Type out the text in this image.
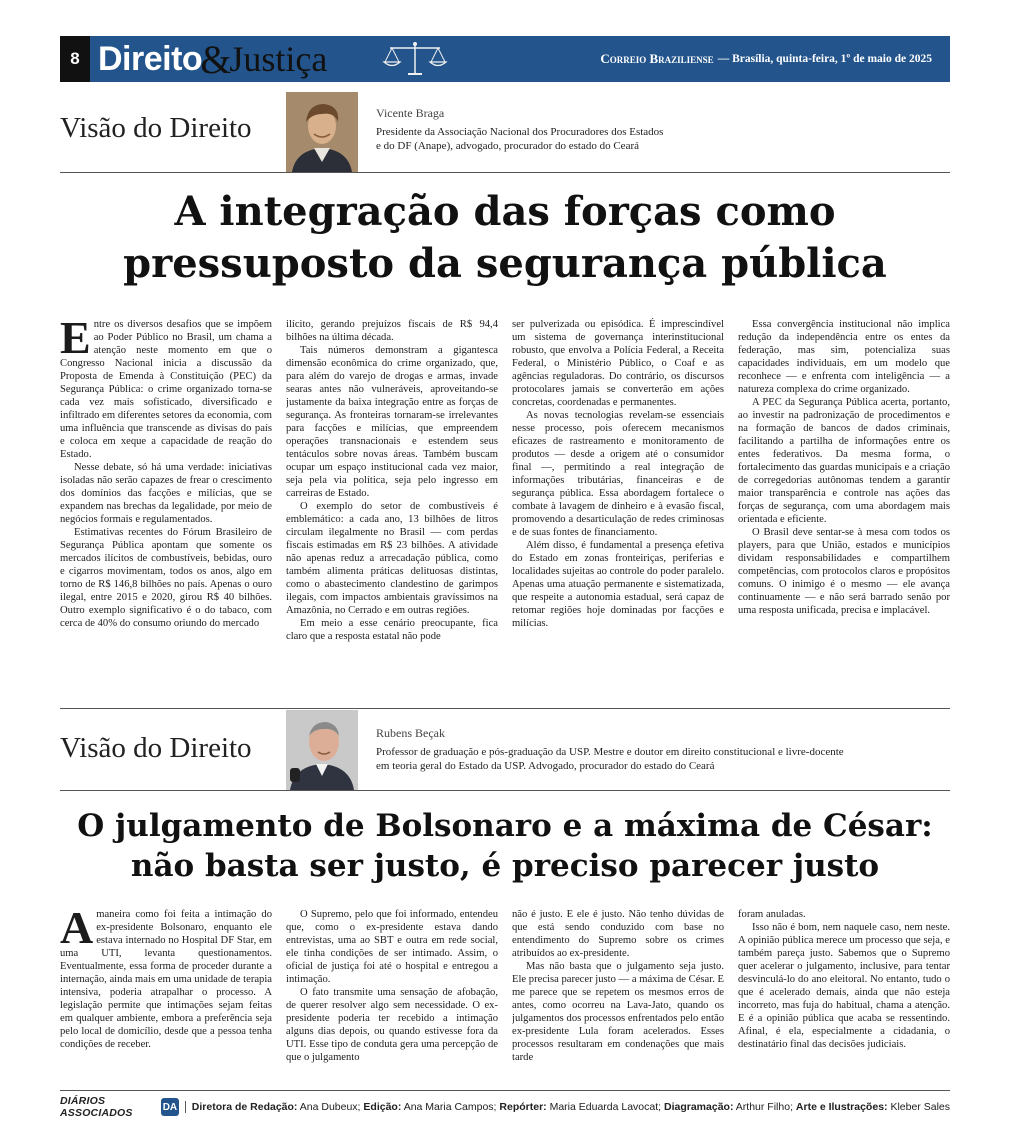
8 Direito
&
Justiça	Correio Braziliense — Brasília, quinta-feira, 1º de maio de 2025
Visão do Direito	Vicente Braga
Presidente da Associação Nacional dos Procuradores dos Estados
e do DF (Anape), advogado, procurador do estado do Ceará
A integração das forças como
pressuposto da segurança pública
E ntre os diversos desafios que se impõem ao Poder Público no Brasil, um chama a atenção neste momento em que o Congresso Nacional inicia a discussão da Proposta de Emenda à Constituição (PEC) da Segurança Pública: o crime organizado torna-se cada vez mais sofisticado, diversificado e infiltrado em diferentes setores da economia, com uma influência que transcende as divisas do país e coloca em xeque a capacidade de reação do Estado.

Nesse debate, só há uma verdade: iniciativas isoladas não serão capazes de frear o crescimento dos domínios das facções e milícias, que se expandem nas brechas da legalidade, por meio de negócios formais e regulamentados.

Estimativas recentes do Fórum Brasileiro de Segurança Pública apontam que somente os mercados ilícitos de combustíveis, bebidas, ouro e cigarros movimentam, todos os anos, algo em torno de R$ 146,8 bilhões no país. Apenas o ouro ilegal, entre 2015 e 2020, girou R$ 40 bilhões. Outro exemplo significativo é o do tabaco, com cerca de 40% do consumo oriundo do mercado

ilícito, gerando prejuízos fiscais de R$ 94,4 bilhões na última década.

Tais números demonstram a gigantesca dimensão econômica do crime organizado, que, para além do varejo de drogas e armas, invade searas antes não vulneráveis, aproveitando-se justamente da baixa integração entre as forças de segurança. As fronteiras tornaram-se irrelevantes para facções e milícias, que empreendem operações transnacionais e estendem seus tentáculos sobre novas áreas. Também buscam ocupar um espaço institucional cada vez maior, seja pela via política, seja pelo ingresso em carreiras de Estado.

O exemplo do setor de combustíveis é emblemático: a cada ano, 13 bilhões de litros circulam ilegalmente no Brasil — com perdas fiscais estimadas em R$ 23 bilhões. A atividade não apenas reduz a arrecadação pública, como também alimenta práticas delituosas distintas, como o abastecimento clandestino de garimpos ilegais, com impactos ambientais gravíssimos na Amazônia, no Cerrado e em outras regiões.

Em meio a esse cenário preocupante, fica claro que a resposta estatal não pode

ser pulverizada ou episódica. É imprescindível um sistema de governança interinstitucional robusto, que envolva a Polícia Federal, a Receita Federal, o Ministério Público, o Coaf e as agências reguladoras. Do contrário, os discursos protocolares jamais se converterão em ações concretas, coordenadas e permanentes.

As novas tecnologias revelam-se essenciais nesse processo, pois oferecem mecanismos eficazes de rastreamento e monitoramento de produtos — desde a origem até o consumidor final —, permitindo a real integração de informações tributárias, financeiras e de segurança pública. Essa abordagem fortalece o combate à lavagem de dinheiro e à evasão fiscal, promovendo a desarticulação de redes criminosas e de suas fontes de financiamento.

Além disso, é fundamental a presença efetiva do Estado em zonas fronteiriças, periferias e localidades sujeitas ao controle do poder paralelo. Apenas uma atuação permanente e sistematizada, que respeite a autonomia estadual, será capaz de retomar regiões hoje dominadas por facções e milícias.

Essa convergência institucional não implica redução da independência entre os entes da federação, mas sim, potencializa suas capacidades individuais, em um modelo que reconhece — e enfrenta com inteligência — a natureza complexa do crime organizado.

A PEC da Segurança Pública acerta, portanto, ao investir na padronização de procedimentos e na formação de bancos de dados criminais, facilitando a partilha de informações entre os entes federativos. Da mesma forma, o fortalecimento das guardas municipais e a criação de corregedorias autônomas tendem a garantir maior transparência e controle nas ações das forças de segurança, com uma abordagem mais orientada e eficiente.

O Brasil deve sentar-se à mesa com todos os players, para que União, estados e municípios dividam responsabilidades e compartilhem competências, com protocolos claros e propósitos comuns. O inimigo é o mesmo — ele avança continuamente — e não será barrado senão por uma resposta unificada, precisa e implacável.

Visão do Direito	Rubens Beçak
Professor de graduação e pós-graduação da USP. Mestre e doutor em direito constitucional e livre-docente
em teoria geral do Estado da USP. Advogado, procurador do estado do Ceará
O julgamento de Bolsonaro e a máxima de César:
não basta ser justo, é preciso parecer justo
A maneira como foi feita a intimação do ex-presidente Bolsonaro, enquanto ele estava internado no Hospital DF Star, em uma UTI, levanta questionamentos. Eventualmente, essa forma de proceder durante a internação, ainda mais em uma unidade de terapia intensiva, poderia atrapalhar o processo. A legislação permite que intimações sejam feitas em qualquer ambiente, embora a preferência seja pelo local de domicílio, desde que a pessoa tenha condições de receber.

O Supremo, pelo que foi informado, entendeu que, como o ex-presidente estava dando entrevistas, uma ao SBT e outra em rede social, ele tinha condições de ser intimado. Assim, o oficial de justiça foi até o hospital e entregou a intimação.

O fato transmite uma sensação de afobação, de querer resolver algo sem necessidade. O ex-presidente poderia ter recebido a intimação alguns dias depois, ou quando estivesse fora da UTI. Esse tipo de conduta gera uma percepção de que o julgamento

não é justo. E ele é justo. Não tenho dúvidas de que está sendo conduzido com base no entendimento do Supremo sobre os crimes atribuídos ao ex-presidente.

Mas não basta que o julgamento seja justo. Ele precisa parecer justo — a máxima de César. E me parece que se repetem os mesmos erros de antes, como ocorreu na Lava-Jato, quando os julgamentos dos processos enfrentados pelo então ex-presidente Lula foram acelerados. Esses processos resultaram em condenações que mais tarde

foram anuladas.

Isso não é bom, nem naquele caso, nem neste. A opinião pública merece um processo que seja, e também pareça justo. Sabemos que o Supremo quer acelerar o julgamento, inclusive, para tentar desvinculá-lo do ano eleitoral. No entanto, tudo o que é acelerado demais, ainda que não esteja incorreto, mas fuja do habitual, chama a atenção. E é a opinião pública que acaba se ressentindo. Afinal, é ela, especialmente a cidadania, o destinatário final das decisões judiciais.

DIÁRIOS ASSOCIADOS	DA	Diretora de Redação: Ana Dubeux; Edição: Ana Maria Campos; Repórter: Maria Eduarda Lavocat; Diagramação: Arthur Filho; Arte e Ilustrações: Kleber Sales
